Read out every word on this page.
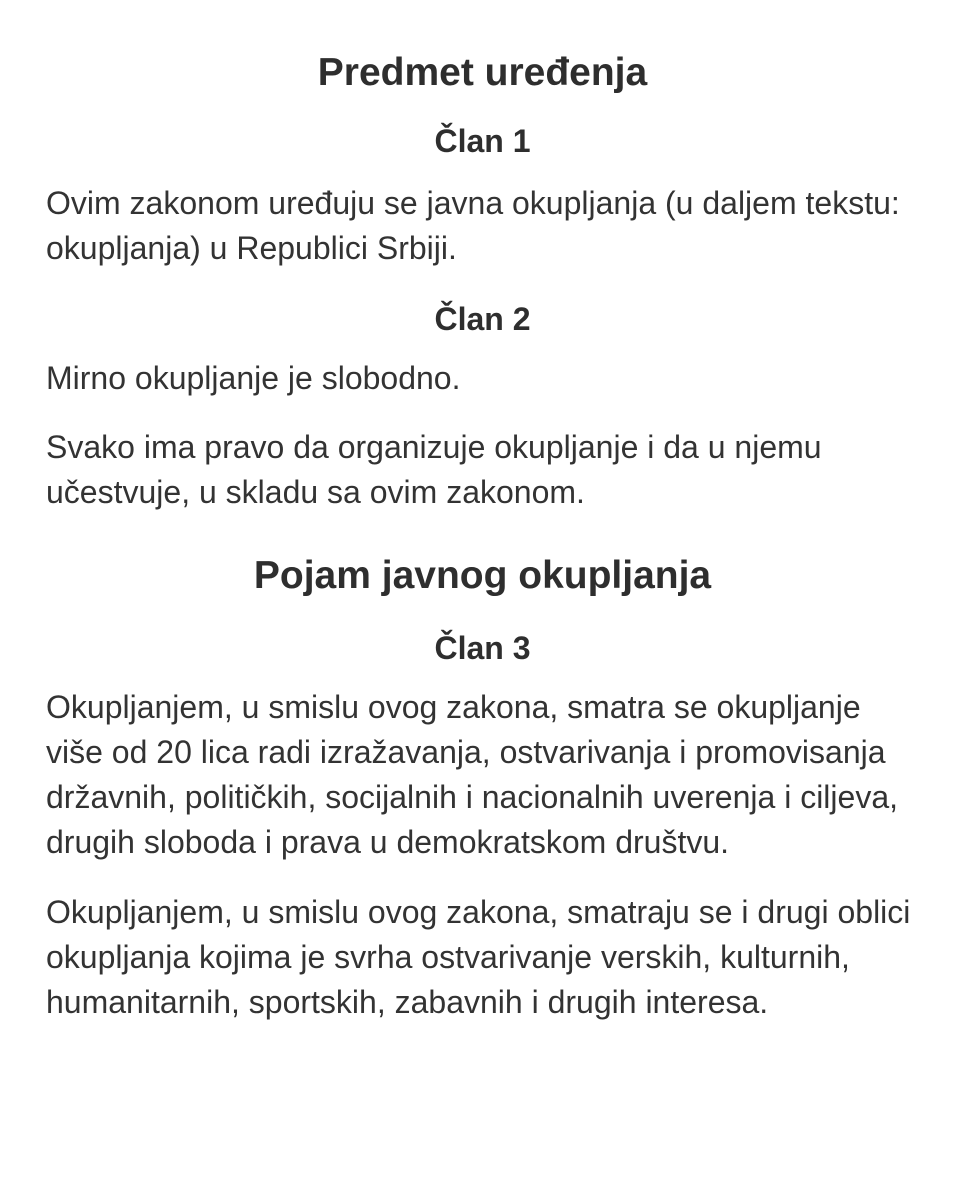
Predmet uređenja
Član 1

Ovim zakonom uređuju se javna okupljanja (u daljem tekstu: okupljanja) u Republici Srbiji.

Član 2

Mirno okupljanje je slobodno.

Svako ima pravo da organizuje okupljanje i da u njemu učestvuje, u skladu sa ovim zakonom.

Pojam javnog okupljanja
Član 3

Okupljanjem, u smislu ovog zakona, smatra se okupljanje više od 20 lica radi izražavanja, ostvarivanja i promovisanja državnih, političkih, socijalnih i nacionalnih uverenja i ciljeva, drugih sloboda i prava u demokratskom društvu.

Okupljanjem, u smislu ovog zakona, smatraju se i drugi oblici okupljanja kojima je svrha ostvarivanje verskih, kulturnih, humanitarnih, sportskih, zabavnih i drugih interesa.
